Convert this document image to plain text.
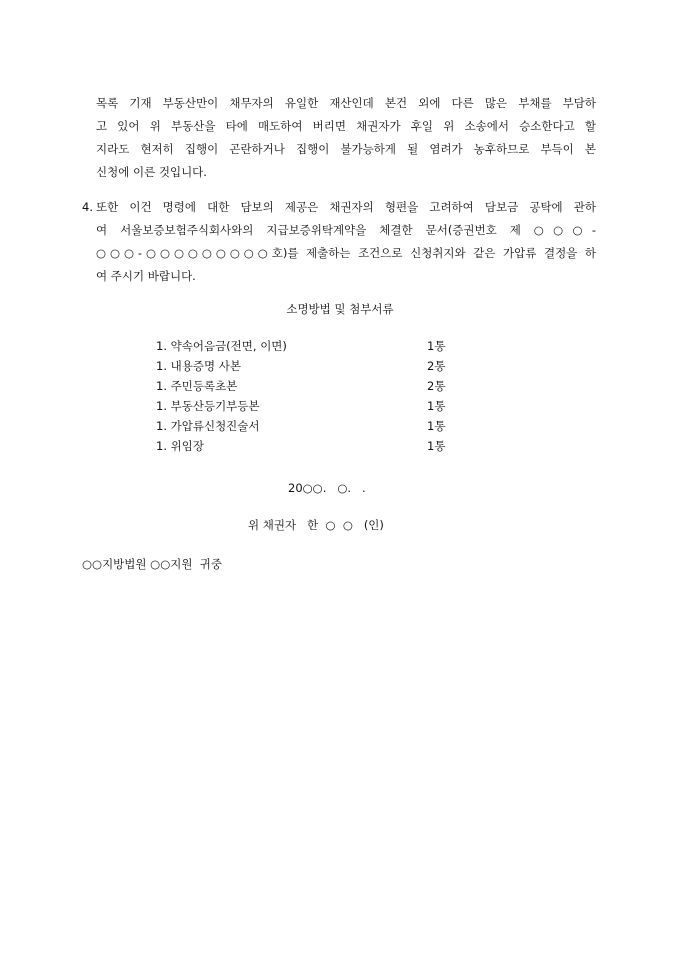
목록 기재 부동산만이 채무자의 유일한 재산인데 본건 외에 다른 많은 부채를 부담하
고 있어 위 부동산을 타에 매도하여 버리면 채권자가 후일 위 소송에서 승소한다고 할
지라도 현저히 집행이 곤란하거나 집행이 불가능하게 될 염려가 농후하므로 부득이 본
신청에 이른 것입니다.
4. 또한 이건 명령에 대한 담보의 제공은 채권자의 형편을 고려하여 담보금 공탁에 관하
여 서울보증보험주식회사와의 지급보증위탁계약을 체결한 문서(증권번호 제 ○○○-
○○○-○○○○○○○○○호)를 제출하는 조건으로 신청취지와 같은 가압류 결정을 하
여 주시기 바랍니다.
소명방법 및 첨부서류
1. 약속어음금(전면, 이면)	1통
1. 내용증명 사본	2통
1. 주민등록초본	2통
1. 부동산등기부등본	1통
1. 가압류신청진술서	1통
1. 위임장	1통
20○○.   ○.   .
위 채권자   한  ○  ○   (인)
○○지방법원 ○○지원  귀중
